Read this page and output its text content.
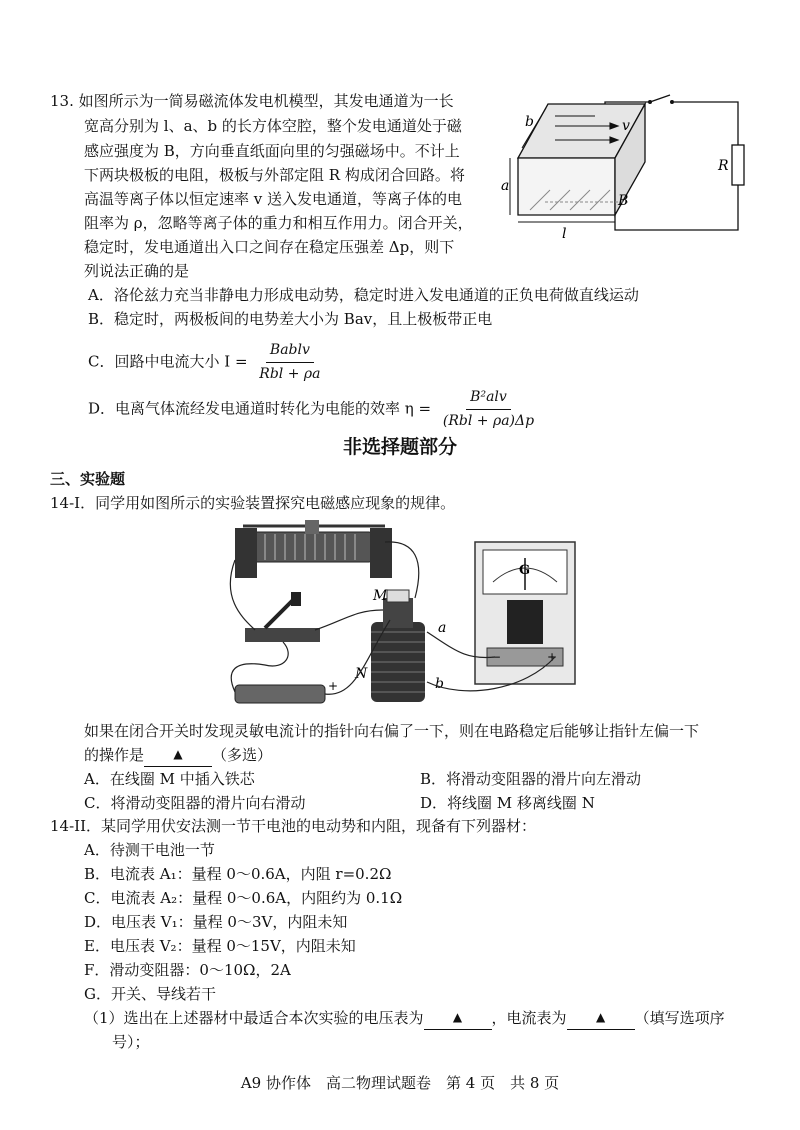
13. 如图所示为一简易磁流体发电机模型，其发电通道为一长
宽高分别为 l、a、b 的长方体空腔，整个发电通道处于磁
感应强度为 B，方向垂直纸面向里的匀强磁场中。不计上
下两块极板的电阻，极板与外部定阻 R 构成闭合回路。将
高温等离子体以恒定速率 v 送入发电通道，等离子体的电
阻率为 ρ，忽略等离子体的重力和相互作用力。闭合开关，
稳定时，发电通道出入口之间存在稳定压强差 Δp，则下
列说法正确的是
b	v
a
B
l
R
A．洛伦兹力充当非静电力形成电动势，稳定时进入发电通道的正负电荷做直线运动
B．稳定时，两极板间的电势差大小为 Bav，且上极板带正电
C．回路中电流大小 $I = \frac{\text{Bablv}}{\text{Rbl + ρa}}$
D．电离气体流经发电通道时转化为电能的效率 $\eta = \frac{\text{B²alv}}{\text{(Rbl + ρa)Δp}}$
非选择题部分
三、实验题
14-I．同学用如图所示的实验装置探究电磁感应现象的规律。
+
M
N
a
b
G
−	+
如果在闭合开关时发现灵敏电流计的指针向右偏了一下，则在电路稳定后能够让指针左偏一下
的操作是 ▲ （多选）
A．在线圈 M 中插入铁芯	B．将滑动变阻器的滑片向左滑动
C．将滑动变阻器的滑片向右滑动	D．将线圈 M 移离线圈 N
14-II．某同学用伏安法测一节干电池的电动势和内阻，现备有下列器材：
A．待测干电池一节
B．电流表 A₁：量程 0～0.6A，内阻 r=0.2Ω
C．电流表 A₂：量程 0～0.6A，内阻约为 0.1Ω
D．电压表 V₁：量程 0～3V，内阻未知
E．电压表 V₂：量程 0～15V，内阻未知
F．滑动变阻器：0～10Ω，2A
G．开关、导线若干
（1）选出在上述器材中最适合本次实验的电压表为 ▲ ，电流表为 ▲ （填写选项序
号）；
A9 协作体　高二物理试题卷　第 4 页　共 8 页
